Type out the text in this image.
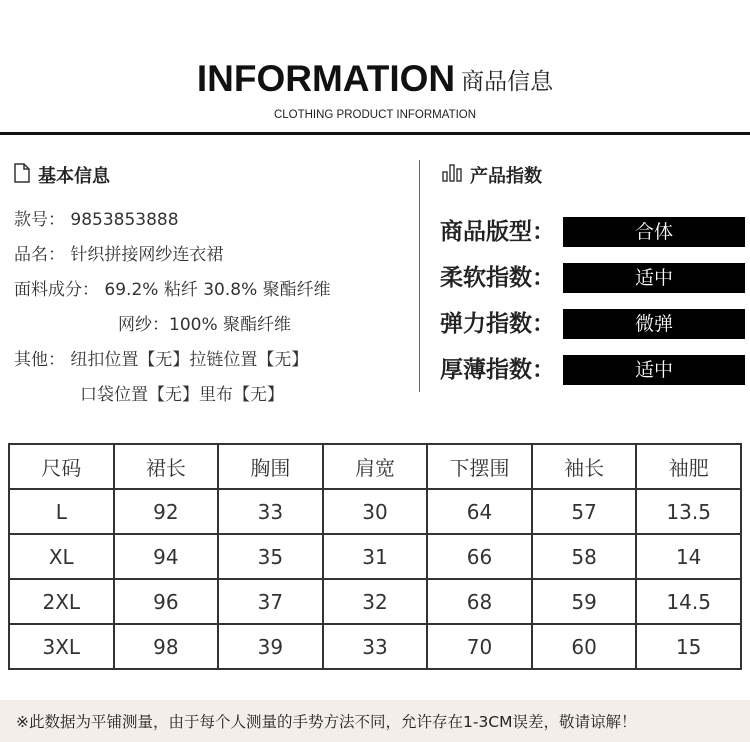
INFORMATION 商品信息
CLOTHING PRODUCT INFORMATION
基本信息
款号： 9853853888
品名： 针织拼接网纱连衣裙
面料成分： 69.2% 粘纤 30.8% 聚酯纤维
网纱：100% 聚酯纤维
其他： 纽扣位置【无】拉链位置【无】
口袋位置【无】里布【无】
产品指数
商品版型：	合体
柔软指数：	适中
弹力指数：	微弹
厚薄指数：	适中
尺码	裙长	胸围	肩宽	下摆围	袖长	袖肥
L	92	33	30	64	57	13.5
XL	94	35	31	66	58	14
2XL	96	37	32	68	59	14.5
3XL	98	39	33	70	60	15
※此数据为平铺测量，由于每个人测量的手势方法不同，允许存在1-3CM误差，敬请谅解！
